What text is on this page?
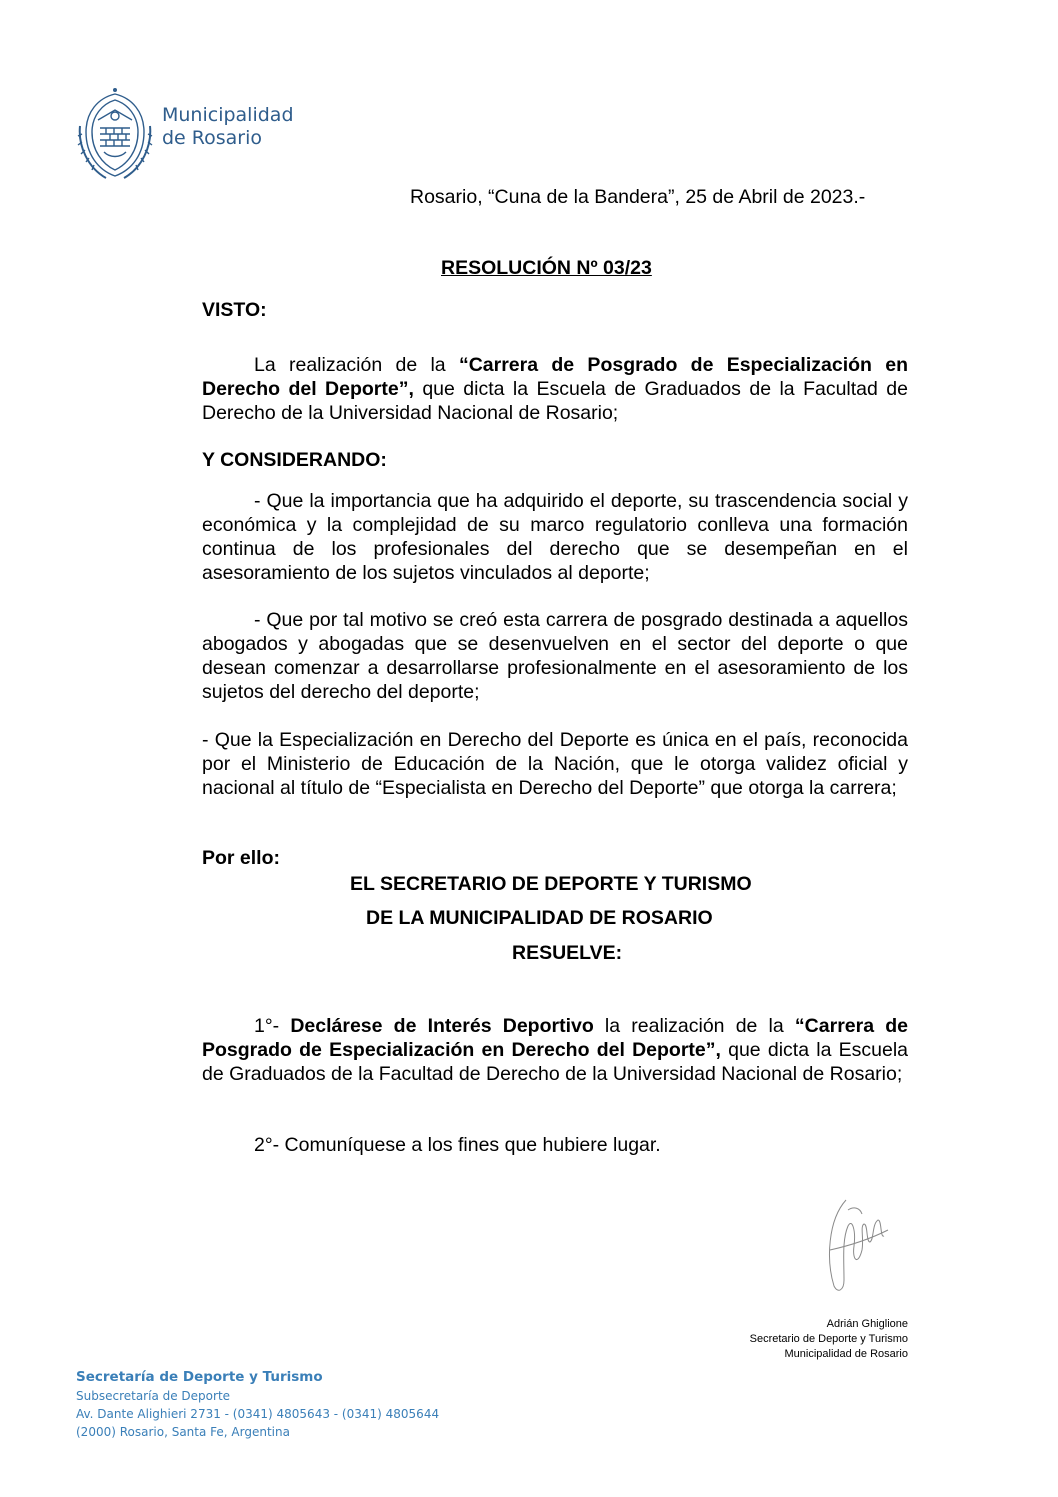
Municipalidad
de Rosario
Rosario, “Cuna de la Bandera”, 25 de Abril de 2023.-
RESOLUCIÓN Nº 03/23
VISTO:

La realización de la “Carrera de Posgrado de Especialización en Derecho del Deporte”, que dicta la Escuela de Graduados de la Facultad de Derecho de la Universidad Nacional de Rosario;

Y CONSIDERANDO:

- Que la importancia que ha adquirido el deporte, su trascendencia social y económica y la complejidad de su marco regulatorio conlleva una formación continua de los profesionales del derecho que se desempeñan en el asesoramiento de los sujetos vinculados al deporte;

- Que por tal motivo se creó esta carrera de posgrado destinada a aquellos abogados y abogadas que se desenvuelven en el sector del deporte o que desean comenzar a desarrollarse profesionalmente en el asesoramiento de los sujetos del derecho del deporte;

- Que la Especialización en Derecho del Deporte es única en el país, reconocida por el Ministerio de Educación de la Nación, que le otorga validez oficial y nacional al título de “Especialista en Derecho del Deporte” que otorga la carrera;

Por ello:
EL SECRETARIO DE DEPORTE Y TURISMO
DE LA MUNICIPALIDAD DE ROSARIO
RESUELVE:

1°- Declárese de Interés Deportivo la realización de la “Carrera de Posgrado de Especialización en Derecho del Deporte”, que dicta la Escuela de Graduados de la Facultad de Derecho de la Universidad Nacional de Rosario;

2°- Comuníquese a los fines que hubiere lugar.
Adrián Ghiglione
Secretario de Deporte y Turismo
Municipalidad de Rosario
Secretaría de Deporte y Turismo
Subsecretaría de Deporte
Av. Dante Alighieri 2731 - (0341) 4805643 - (0341) 4805644
(2000) Rosario, Santa Fe, Argentina
